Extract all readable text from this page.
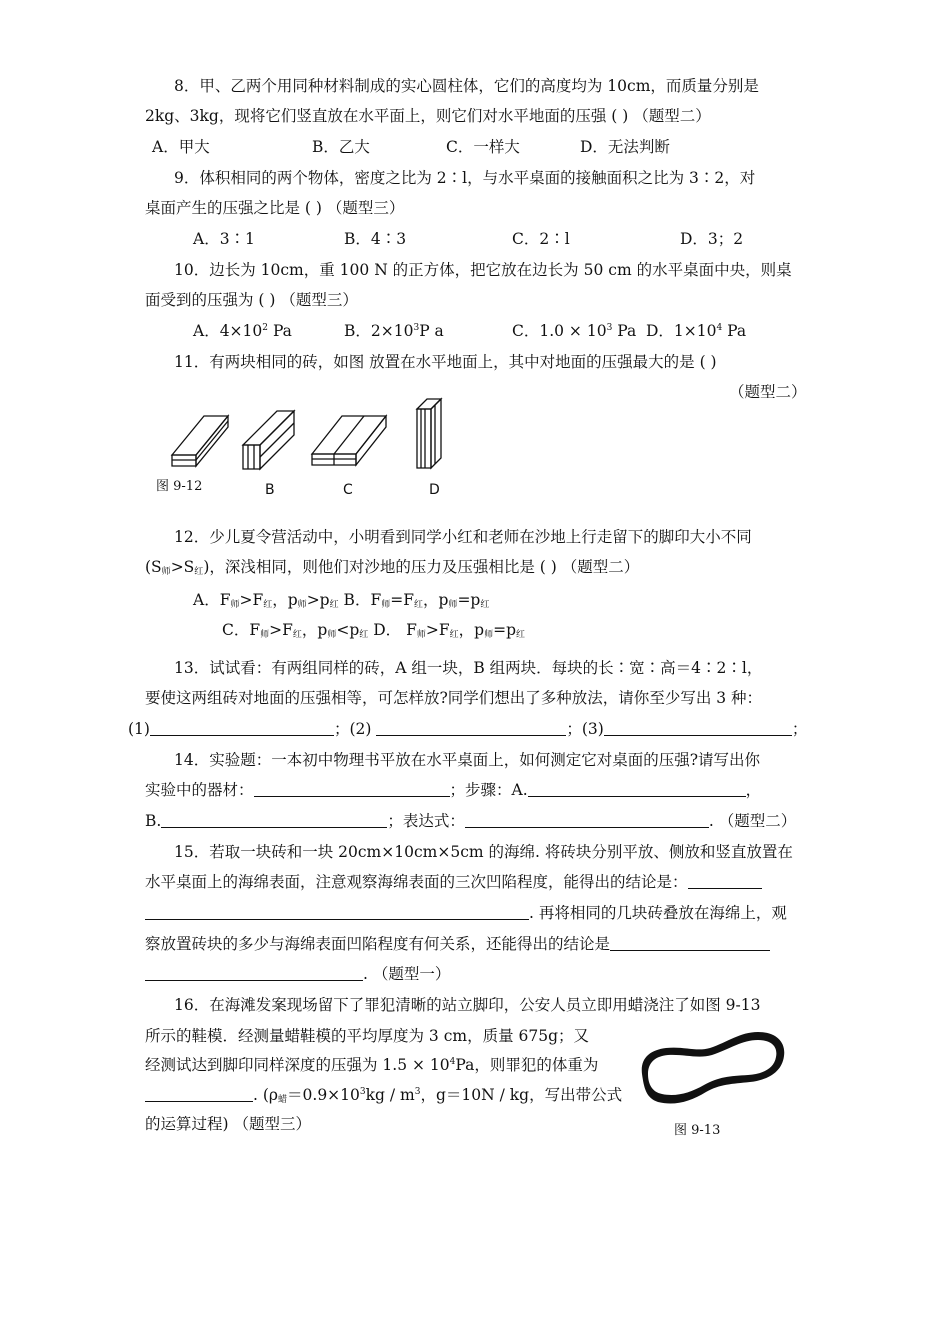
8．甲、乙两个用同种材料制成的实心圆柱体，它们的高度均为 10cm，而质量分别是
2kg、3kg，现将它们竖直放在水平面上，则它们对水平地面的压强 ( ) （题型二）
A．甲大	B．乙大	C．一样大	D．无法判断
9．体积相同的两个物体，密度之比为 2∶l，与水平桌面的接触面积之比为 3∶2，对
桌面产生的压强之比是 ( ) （题型三）
A．3∶1	B．4∶3	C．2∶l	D．3；2
10．边长为 10cm，重 100 N 的正方体，把它放在边长为 50 cm 的水平桌面中央，则桌
面受到的压强为 ( ) （题型三）
A．$4\times 10^2$ Pa	B．$2\times 10^3P$ a	C．$1.0 \times 10^3$ Pa D．$1\times 10^4$ Pa
11．有两块相同的砖，如图 放置在水平地面上，其中对地面的压强最大的是 ( )
（题型二）
图 9-12	B	C	D
12．少儿夏令营活动中，小明看到同学小红和老师在沙地上行走留下的脚印大小不同
$(S_师>S_红)$，深浅相同，则他们对沙地的压力及压强相比是 ( ) （题型二）
A．$F_师>F_红$，$p_师>p_红$ B．$F_师=F_红$，$p_师=p_红$
C．$F_师>F_红$，$p_师<p_红$ D． $F_师>F_红$，$p_师=p_红$
13．试试看：有两组同样的砖，A 组一块，B 组两块．每块的长∶宽∶高＝4∶2∶l，
要使这两组砖对地面的压强相等，可怎样放?同学们想出了多种放法，请你至少写出 3 种：
(1)	；(2)	；(3)	；
14．实验题：一本初中物理书平放在水平桌面上，如何测定它对桌面的压强?请写出你
实验中的器材：	；步骤：A.	，
B.	；表达式：	. （题型二）
15．若取一块砖和一块 20cm×10cm×5cm 的海绵. 将砖块分别平放、侧放和竖直放置在
水平桌面上的海绵表面，注意观察海绵表面的三次凹陷程度，能得出的结论是：
. 再将相同的几块砖叠放在海绵上，观
察放置砖块的多少与海绵表面凹陷程度有何关系，还能得出的结论是
. （题型一）
16．在海滩发案现场留下了罪犯清晰的站立脚印，公安人员立即用蜡浇注了如图 9-13
所示的鞋模．经测量蜡鞋模的平均厚度为 3 cm，质量 675g；又
经测试达到脚印同样深度的压强为 $1.5 \times 10^4Pa$，则罪犯的体重为
. ($\rho_蜡=0.9\times 10^3kg / m^3$，g＝10N / kg，写出带公式
的运算过程) （题型三）	图 9-13
